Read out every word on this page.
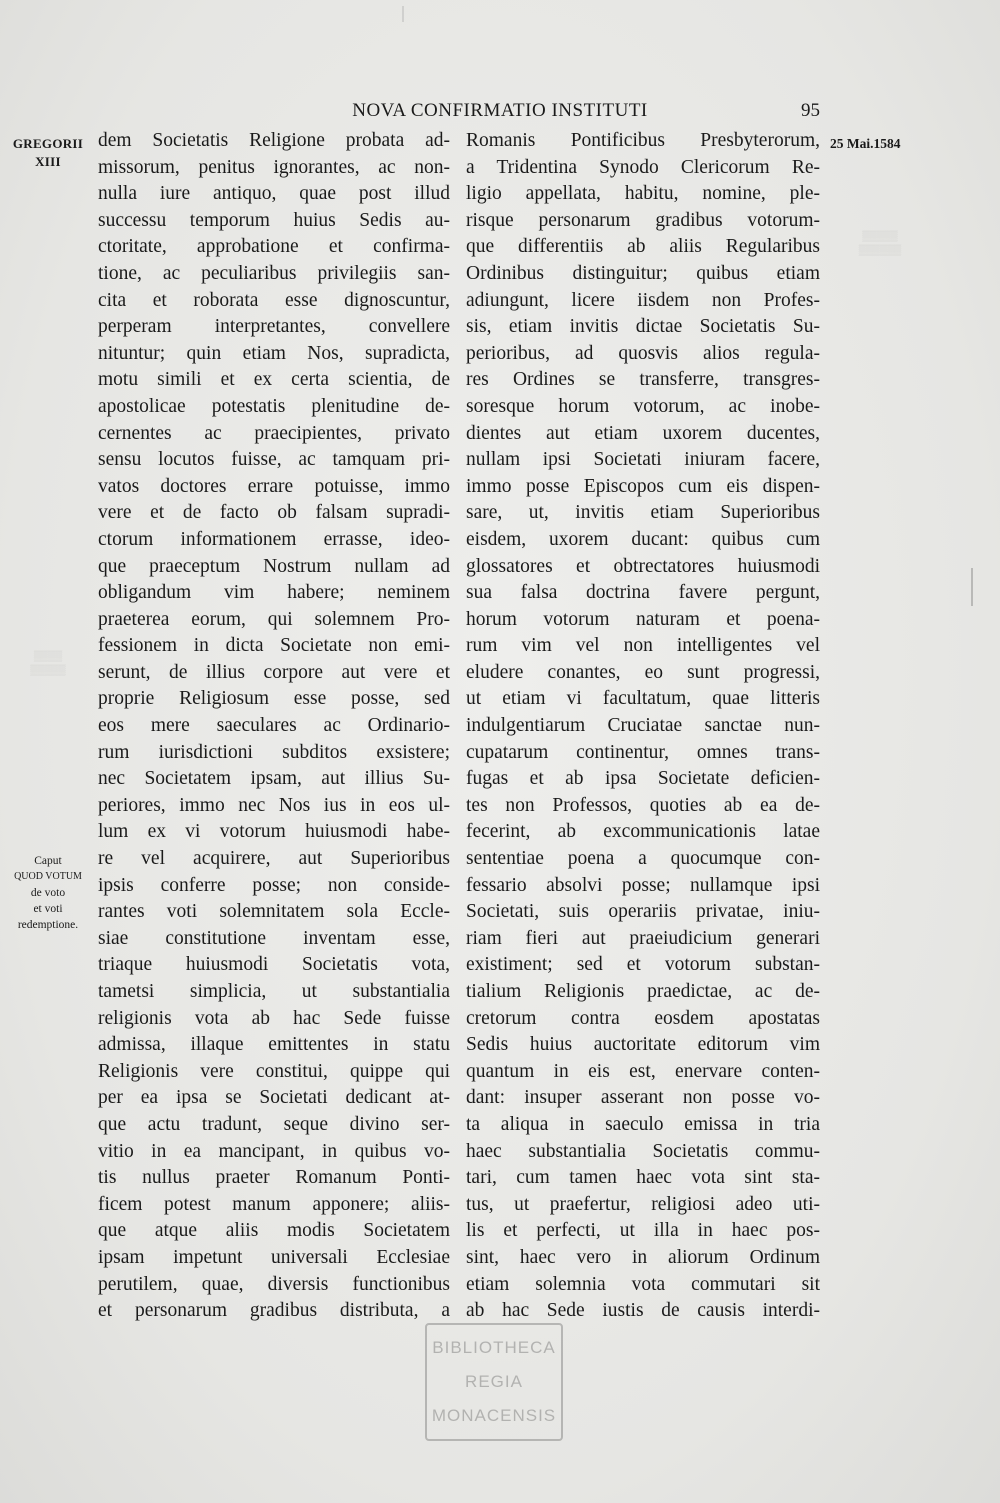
▒▒▒▒▒
▒▒▒▒▒▒
▒▒▒▒
▒▒▒▒▒
NOVA CONFIRMATIO INSTITUTI	95
GREGORII
XIII
Caput
QUOD VOTUM
de voto
et voti
redemptione.
25 Mai.1584
dem Societatis Religione probata ad-
missorum, penitus ignorantes, ac non-
nulla iure antiquo, quae post illud
successu temporum huius Sedis au-
ctoritate, approbatione et confirma-
tione, ac peculiaribus privilegiis san-
cita et roborata esse dignoscuntur,
perperam interpretantes, convellere
nituntur; quin etiam Nos, supradicta,
motu simili et ex certa scientia, de
apostolicae potestatis plenitudine de-
cernentes ac praecipientes, privato
sensu locutos fuisse, ac tamquam pri-
vatos doctores errare potuisse, immo
vere et de facto ob falsam supradi-
ctorum informationem errasse, ideo-
que praeceptum Nostrum nullam ad
obligandum vim habere; neminem
praeterea eorum, qui solemnem Pro-
fessionem in dicta Societate non emi-
serunt, de illius corpore aut vere et
proprie Religiosum esse posse, sed
eos mere saeculares ac Ordinario-
rum iurisdictioni subditos exsistere;
nec Societatem ipsam, aut illius Su-
periores, immo nec Nos ius in eos ul-
lum ex vi votorum huiusmodi habe-
re vel acquirere, aut Superioribus
ipsis conferre posse; non conside-
rantes voti solemnitatem sola Eccle-
siae constitutione inventam esse,
triaque huiusmodi Societatis vota,
tametsi simplicia, ut substantialia
religionis vota ab hac Sede fuisse
admissa, illaque emittentes in statu
Religionis vere constitui, quippe qui
per ea ipsa se Societati dedicant at-
que actu tradunt, seque divino ser-
vitio in ea mancipant, in quibus vo-
tis nullus praeter Romanum Ponti-
ficem potest manum apponere; aliis-
que atque aliis modis Societatem
ipsam impetunt universali Ecclesiae
perutilem, quae, diversis functionibus
et personarum gradibus distributa, a
Romanis Pontificibus Presbyterorum,
a Tridentina Synodo Clericorum Re-
ligio appellata, habitu, nomine, ple-
risque personarum gradibus votorum-
que differentiis ab aliis Regularibus
Ordinibus distinguitur; quibus etiam
adiungunt, licere iisdem non Profes-
sis, etiam invitis dictae Societatis Su-
perioribus, ad quosvis alios regula-
res Ordines se transferre, transgres-
soresque horum votorum, ac inobe-
dientes aut etiam uxorem ducentes,
nullam ipsi Societati iniuram facere,
immo posse Episcopos cum eis dispen-
sare, ut, invitis etiam Superioribus
eisdem, uxorem ducant: quibus cum
glossatores et obtrectatores huiusmodi
sua falsa doctrina favere pergunt,
horum votorum naturam et poena-
rum vim vel non intelligentes vel
eludere conantes, eo sunt progressi,
ut etiam vi facultatum, quae litteris
indulgentiarum Cruciatae sanctae nun-
cupatarum continentur, omnes trans-
fugas et ab ipsa Societate deficien-
tes non Professos, quoties ab ea de-
fecerint, ab excommunicationis latae
sententiae poena a quocumque con-
fessario absolvi posse; nullamque ipsi
Societati, suis operariis privatae, iniu-
riam fieri aut praeiudicium generari
existiment; sed et votorum substan-
tialium Religionis praedictae, ac de-
cretorum contra eosdem apostatas
Sedis huius auctoritate editorum vim
quantum in eis est, enervare conten-
dant: insuper asserant non posse vo-
ta aliqua in saeculo emissa in tria
haec substantialia Societatis commu-
tari, cum tamen haec vota sint sta-
tus, ut praefertur, religiosi adeo uti-
lis et perfecti, ut illa in haec pos-
sint, haec vero in aliorum Ordinum
etiam solemnia vota commutari sit
ab hac Sede iustis de causis interdi-
BIBLIOTHECA
REGIA
MONACENSIS
